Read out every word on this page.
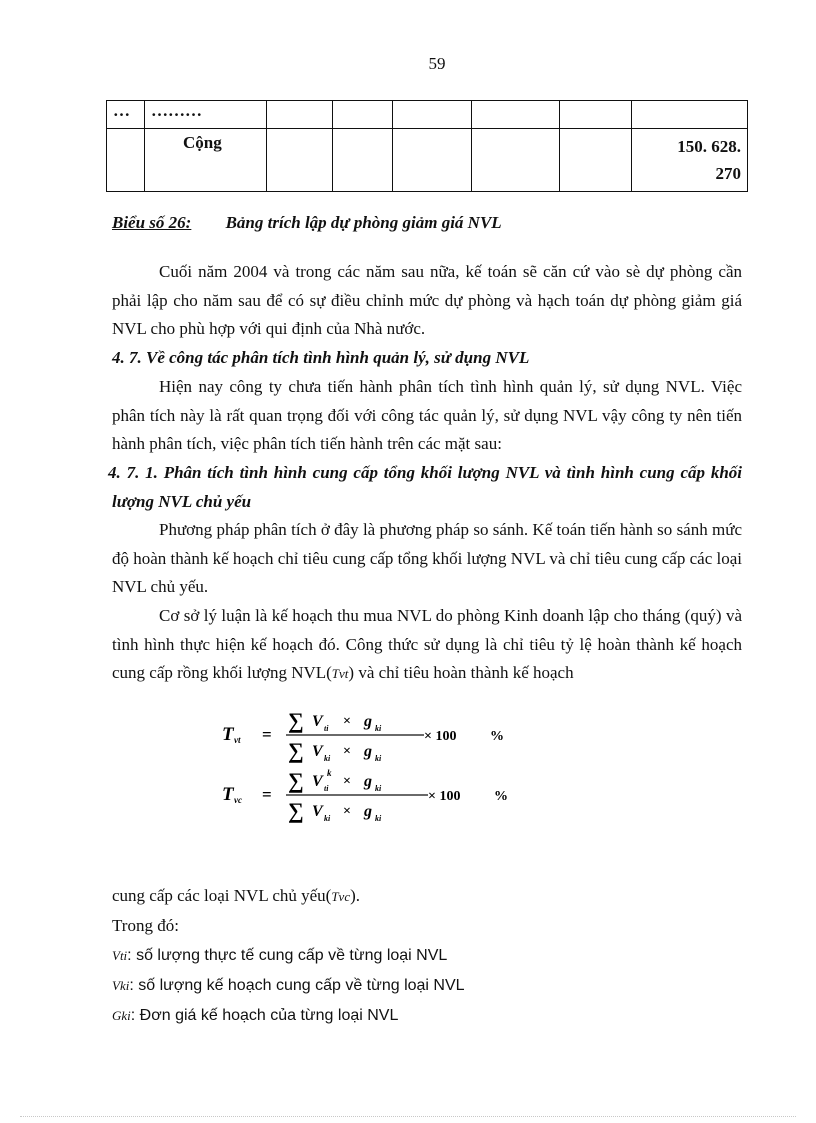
59
…	………						
	Cộng						150. 628.
270
Biểu số 26: Bảng trích lập dự phòng giảm giá NVL
Cuối năm 2004 và trong các năm sau nữa, kế toán sẽ căn cứ vào sè dự phòng cần phải lập cho năm sau để có sự điều chỉnh mức dự phòng và hạch toán dự phòng giảm giá NVL cho phù hợp với qui định của Nhà nước.
4. 7. Về công tác phân tích tình hình quản lý, sử dụng NVL
Hiện nay công ty chưa tiến hành phân tích tình hình quản lý, sử dụng NVL. Việc phân tích này là rất quan trọng đối với công tác quản lý, sử dụng NVL vậy công ty nên tiến hành phân tích, việc phân tích tiến hành trên các mặt sau:
4. 7. 1. Phân tích tình hình cung cấp tổng khối lượng NVL và tình hình cung cấp khối lượng NVL chủ yếu
Phương pháp phân tích ở đây là phương pháp so sánh. Kế toán tiến hành so sánh mức độ hoàn thành kế hoạch chỉ tiêu cung cấp tổng khối lượng NVL và chỉ tiêu cung cấp các loại NVL chủ yếu.
Cơ sở lý luận là kế hoạch thu mua NVL do phòng Kinh doanh lập cho tháng (quý) và tình hình thực hiện kế hoạch đó. Công thức sử dụng là chỉ tiêu tỷ lệ hoàn thành kế hoạch cung cấp rồng khối lượng NVL(Tvt) và chỉ tiêu hoàn thành kế hoạch
T vt =
∑ V ti × g ki
∑ V ki × g ki
× 100 %
T vc =
∑ V k
ti × g ki
∑ V ki × g ki
× 100 %
cung cấp các loại NVL chủ yếu(Tvc).
Trong đó:
Vti: số lượng thực tế cung cấp về từng loại NVL
Vki: số lượng kế hoạch cung cấp về từng loại NVL
Gki: Đơn giá kế hoạch của từng loại NVL
